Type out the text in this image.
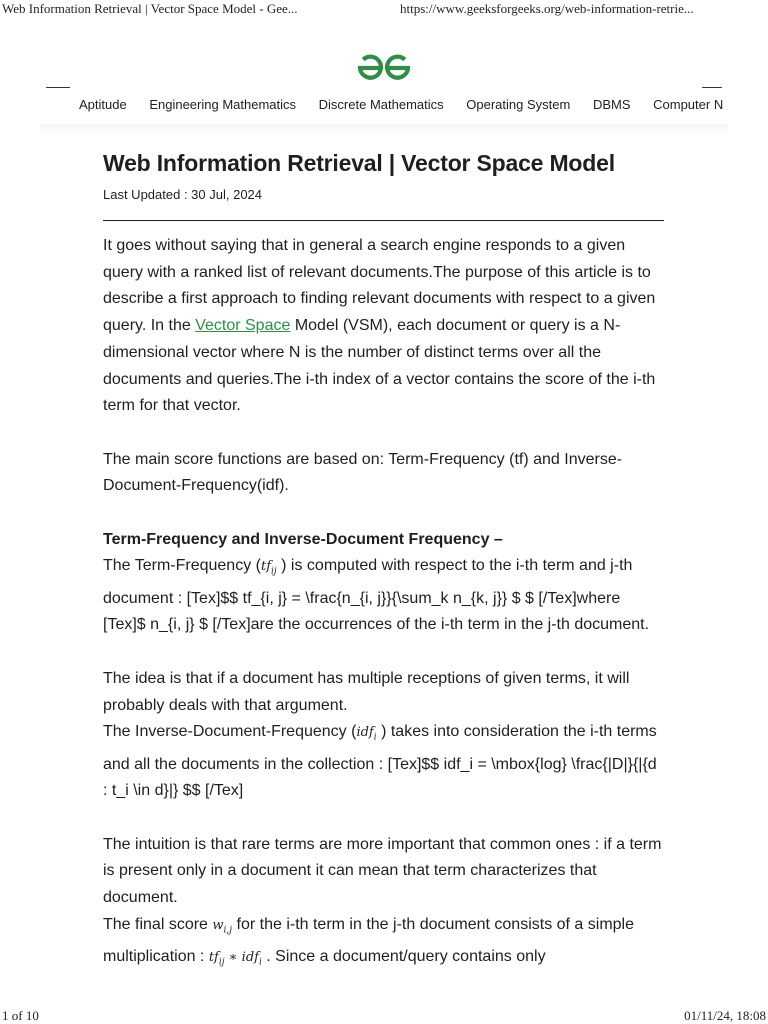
Web Information Retrieval | Vector Space Model - Gee...	https://www.geeksforgeeks.org/web-information-retrie...
Aptitude Engineering Mathematics Discrete Mathematics Operating System DBMS Computer N
Web Information Retrieval | Vector Space Model
Last Updated : 30 Jul, 2024

It goes without saying that in general a search engine responds to a given query with a ranked list of relevant documents.The purpose of this article is to describe a first approach to finding relevant documents with respect to a given query. In the Vector Space Model (VSM), each document or query is a N-dimensional vector where N is the number of distinct terms over all the documents and queries.The i-th index of a vector contains the score of the i-th term for that vector.

The main score functions are based on: Term-Frequency (tf) and Inverse-Document-Frequency(idf).

Term-Frequency and Inverse-Document Frequency –

The Term-Frequency ($tf_{ij}$ ) is computed with respect to the i-th term and j-th document : [Tex]$$ tf_{i, j} = \frac{n_{i, j}}{\sum_k n_{k, j}} $ $ [/Tex]where [Tex]$ n_{i, j} $ [/Tex]are the occurrences of the i-th term in the j-th document.

The idea is that if a document has multiple receptions of given terms, it will probably deals with that argument.

The Inverse-Document-Frequency (idf$_i$ ) takes into consideration the i-th terms and all the documents in the collection : [Tex]$$ idf_i = \mbox{log} \frac{|D|}{|{d : t_i \in d}|} $$ [/Tex]

The intuition is that rare terms are more important that common ones : if a term is present only in a document it can mean that term characterizes that document.

The final score $w_{i,j}$ for the i-th term in the j-th document consists of a simple multiplication : $tf_{ij}$ ∗ idf$_i$ . Since a document/query contains only

1 of 10	01/11/24, 18:08
